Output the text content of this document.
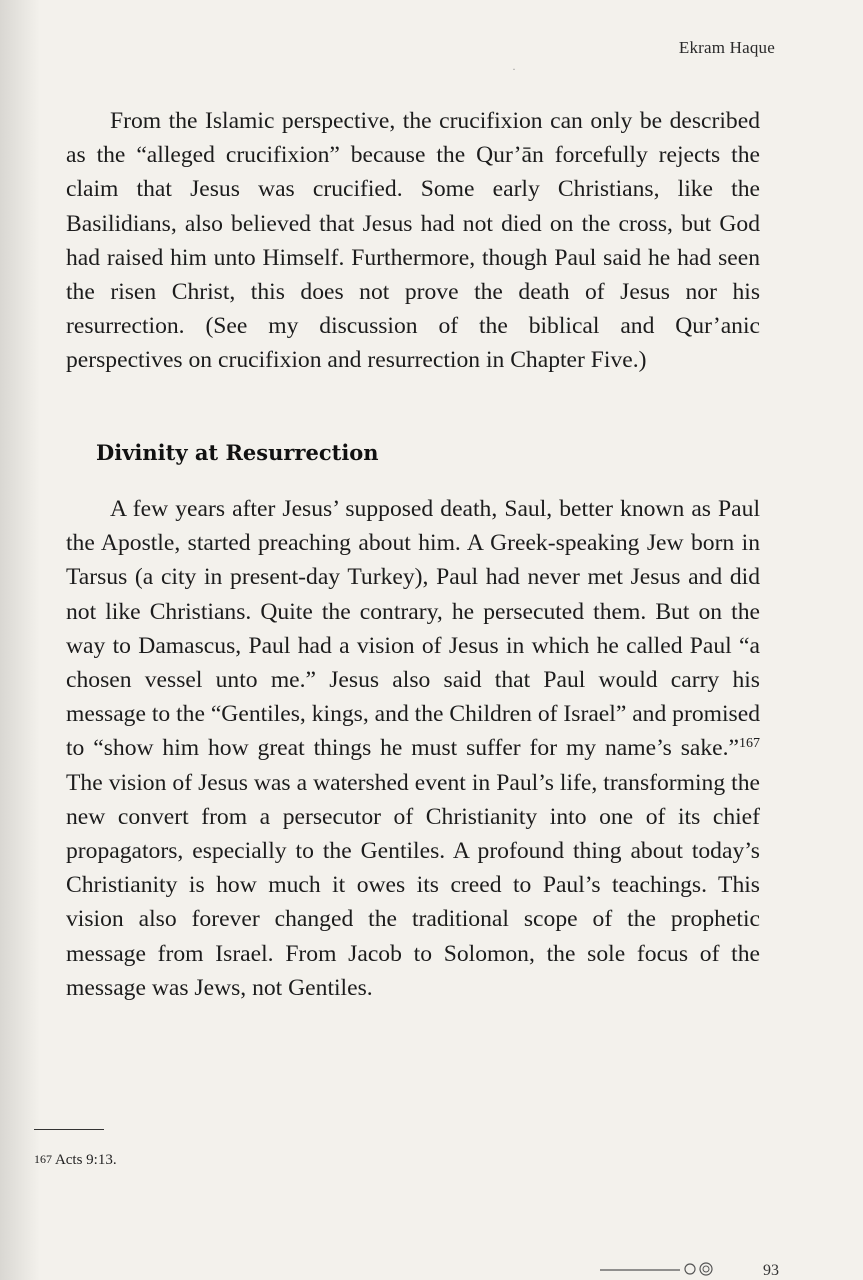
Ekram Haque

From the Islamic perspective, the crucifixion can only be described as the “alleged crucifixion” because the Qur’ān forcefully rejects the claim that Jesus was crucified. Some early Christians, like the Basilidians, also believed that Jesus had not died on the cross, but God had raised him unto Himself. Furthermore, though Paul said he had seen the risen Christ, this does not prove the death of Jesus nor his resurrection. (See my discussion of the biblical and Qur’anic perspectives on crucifixion and resurrection in Chapter Five.)

Divinity at Resurrection

A few years after Jesus’ supposed death, Saul, better known as Paul the Apostle, started preaching about him. A Greek-speaking Jew born in Tarsus (a city in present-day Turkey), Paul had never met Jesus and did not like Christians. Quite the contrary, he persecuted them. But on the way to Damascus, Paul had a vision of Jesus in which he called Paul “a chosen vessel unto me.” Jesus also said that Paul would carry his message to the “Gentiles, kings, and the Children of Israel” and promised to “show him how great things he must suffer for my name’s sake.”$^{167}$ The vision of Jesus was a watershed event in Paul’s life, transforming the new convert from a persecutor of Christianity into one of its chief propagators, especially to the Gentiles. A profound thing about today’s Christianity is how much it owes its creed to Paul’s teachings. This vision also forever changed the traditional scope of the prophetic message from Israel. From Jacob to Solomon, the sole focus of the message was Jews, not Gentiles.

$^{167}$ Acts 9:13.
93
·
